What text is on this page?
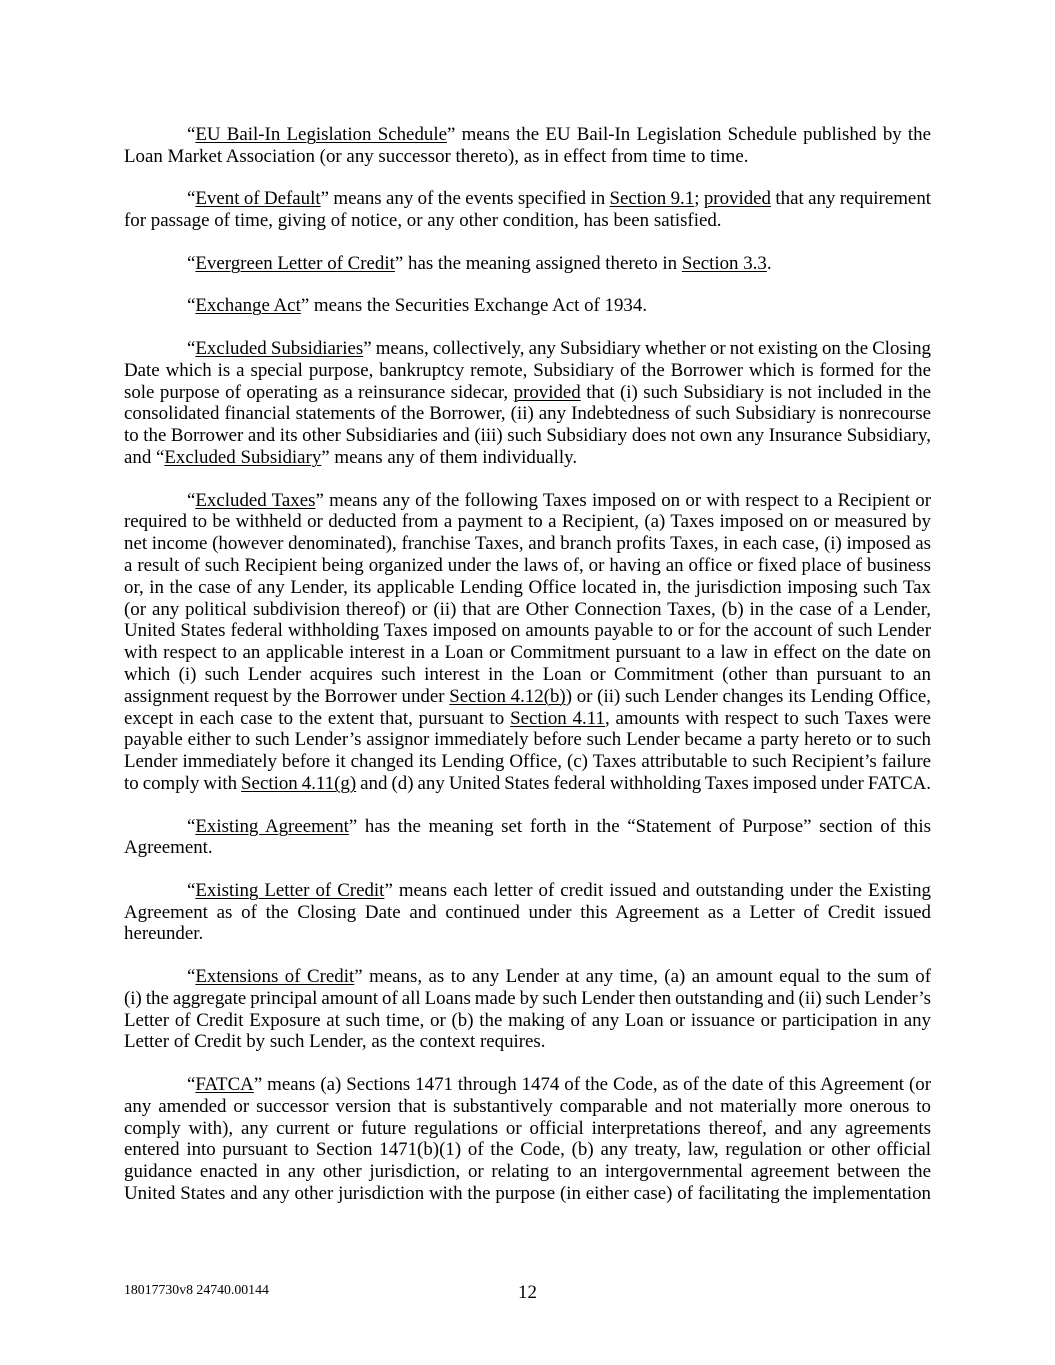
“EU Bail-In Legislation Schedule” means the EU Bail-In Legislation Schedule published by the
Loan Market Association (or any successor thereto), as in effect from time to time.
“Event of Default” means any of the events specified in Section 9.1; provided that any requirement
for passage of time, giving of notice, or any other condition, has been satisfied.
“Evergreen Letter of Credit” has the meaning assigned thereto in Section 3.3.
“Exchange Act” means the Securities Exchange Act of 1934.
“Excluded Subsidiaries” means, collectively, any Subsidiary whether or not existing on the Closing
Date which is a special purpose, bankruptcy remote, Subsidiary of the Borrower which is formed for the
sole purpose of operating as a reinsurance sidecar, provided that (i) such Subsidiary is not included in the
consolidated financial statements of the Borrower, (ii) any Indebtedness of such Subsidiary is nonrecourse
to the Borrower and its other Subsidiaries and (iii) such Subsidiary does not own any Insurance Subsidiary,
and “Excluded Subsidiary” means any of them individually.
“Excluded Taxes” means any of the following Taxes imposed on or with respect to a Recipient or
required to be withheld or deducted from a payment to a Recipient, (a) Taxes imposed on or measured by
net income (however denominated), franchise Taxes, and branch profits Taxes, in each case, (i) imposed as
a result of such Recipient being organized under the laws of, or having an office or fixed place of business
or, in the case of any Lender, its applicable Lending Office located in, the jurisdiction imposing such Tax
(or any political subdivision thereof) or (ii) that are Other Connection Taxes, (b) in the case of a Lender,
United States federal withholding Taxes imposed on amounts payable to or for the account of such Lender
with respect to an applicable interest in a Loan or Commitment pursuant to a law in effect on the date on
which (i) such Lender acquires such interest in the Loan or Commitment (other than pursuant to an
assignment request by the Borrower under Section 4.12(b)) or (ii) such Lender changes its Lending Office,
except in each case to the extent that, pursuant to Section 4.11, amounts with respect to such Taxes were
payable either to such Lender’s assignor immediately before such Lender became a party hereto or to such
Lender immediately before it changed its Lending Office, (c) Taxes attributable to such Recipient’s failure
to comply with Section 4.11(g) and (d) any United States federal withholding Taxes imposed under FATCA.
“Existing Agreement” has the meaning set forth in the “Statement of Purpose” section of this
Agreement.
“Existing Letter of Credit” means each letter of credit issued and outstanding under the Existing
Agreement as of the Closing Date and continued under this Agreement as a Letter of Credit issued
hereunder.
“Extensions of Credit” means, as to any Lender at any time, (a) an amount equal to the sum of
(i) the aggregate principal amount of all Loans made by such Lender then outstanding and (ii) such Lender’s
Letter of Credit Exposure at such time, or (b) the making of any Loan or issuance or participation in any
Letter of Credit by such Lender, as the context requires.
“FATCA” means (a) Sections 1471 through 1474 of the Code, as of the date of this Agreement (or
any amended or successor version that is substantively comparable and not materially more onerous to
comply with), any current or future regulations or official interpretations thereof, and any agreements
entered into pursuant to Section 1471(b)(1) of the Code, (b) any treaty, law, regulation or other official
guidance enacted in any other jurisdiction, or relating to an intergovernmental agreement between the
United States and any other jurisdiction with the purpose (in either case) of facilitating the implementation
18017730v8 24740.00144	12
